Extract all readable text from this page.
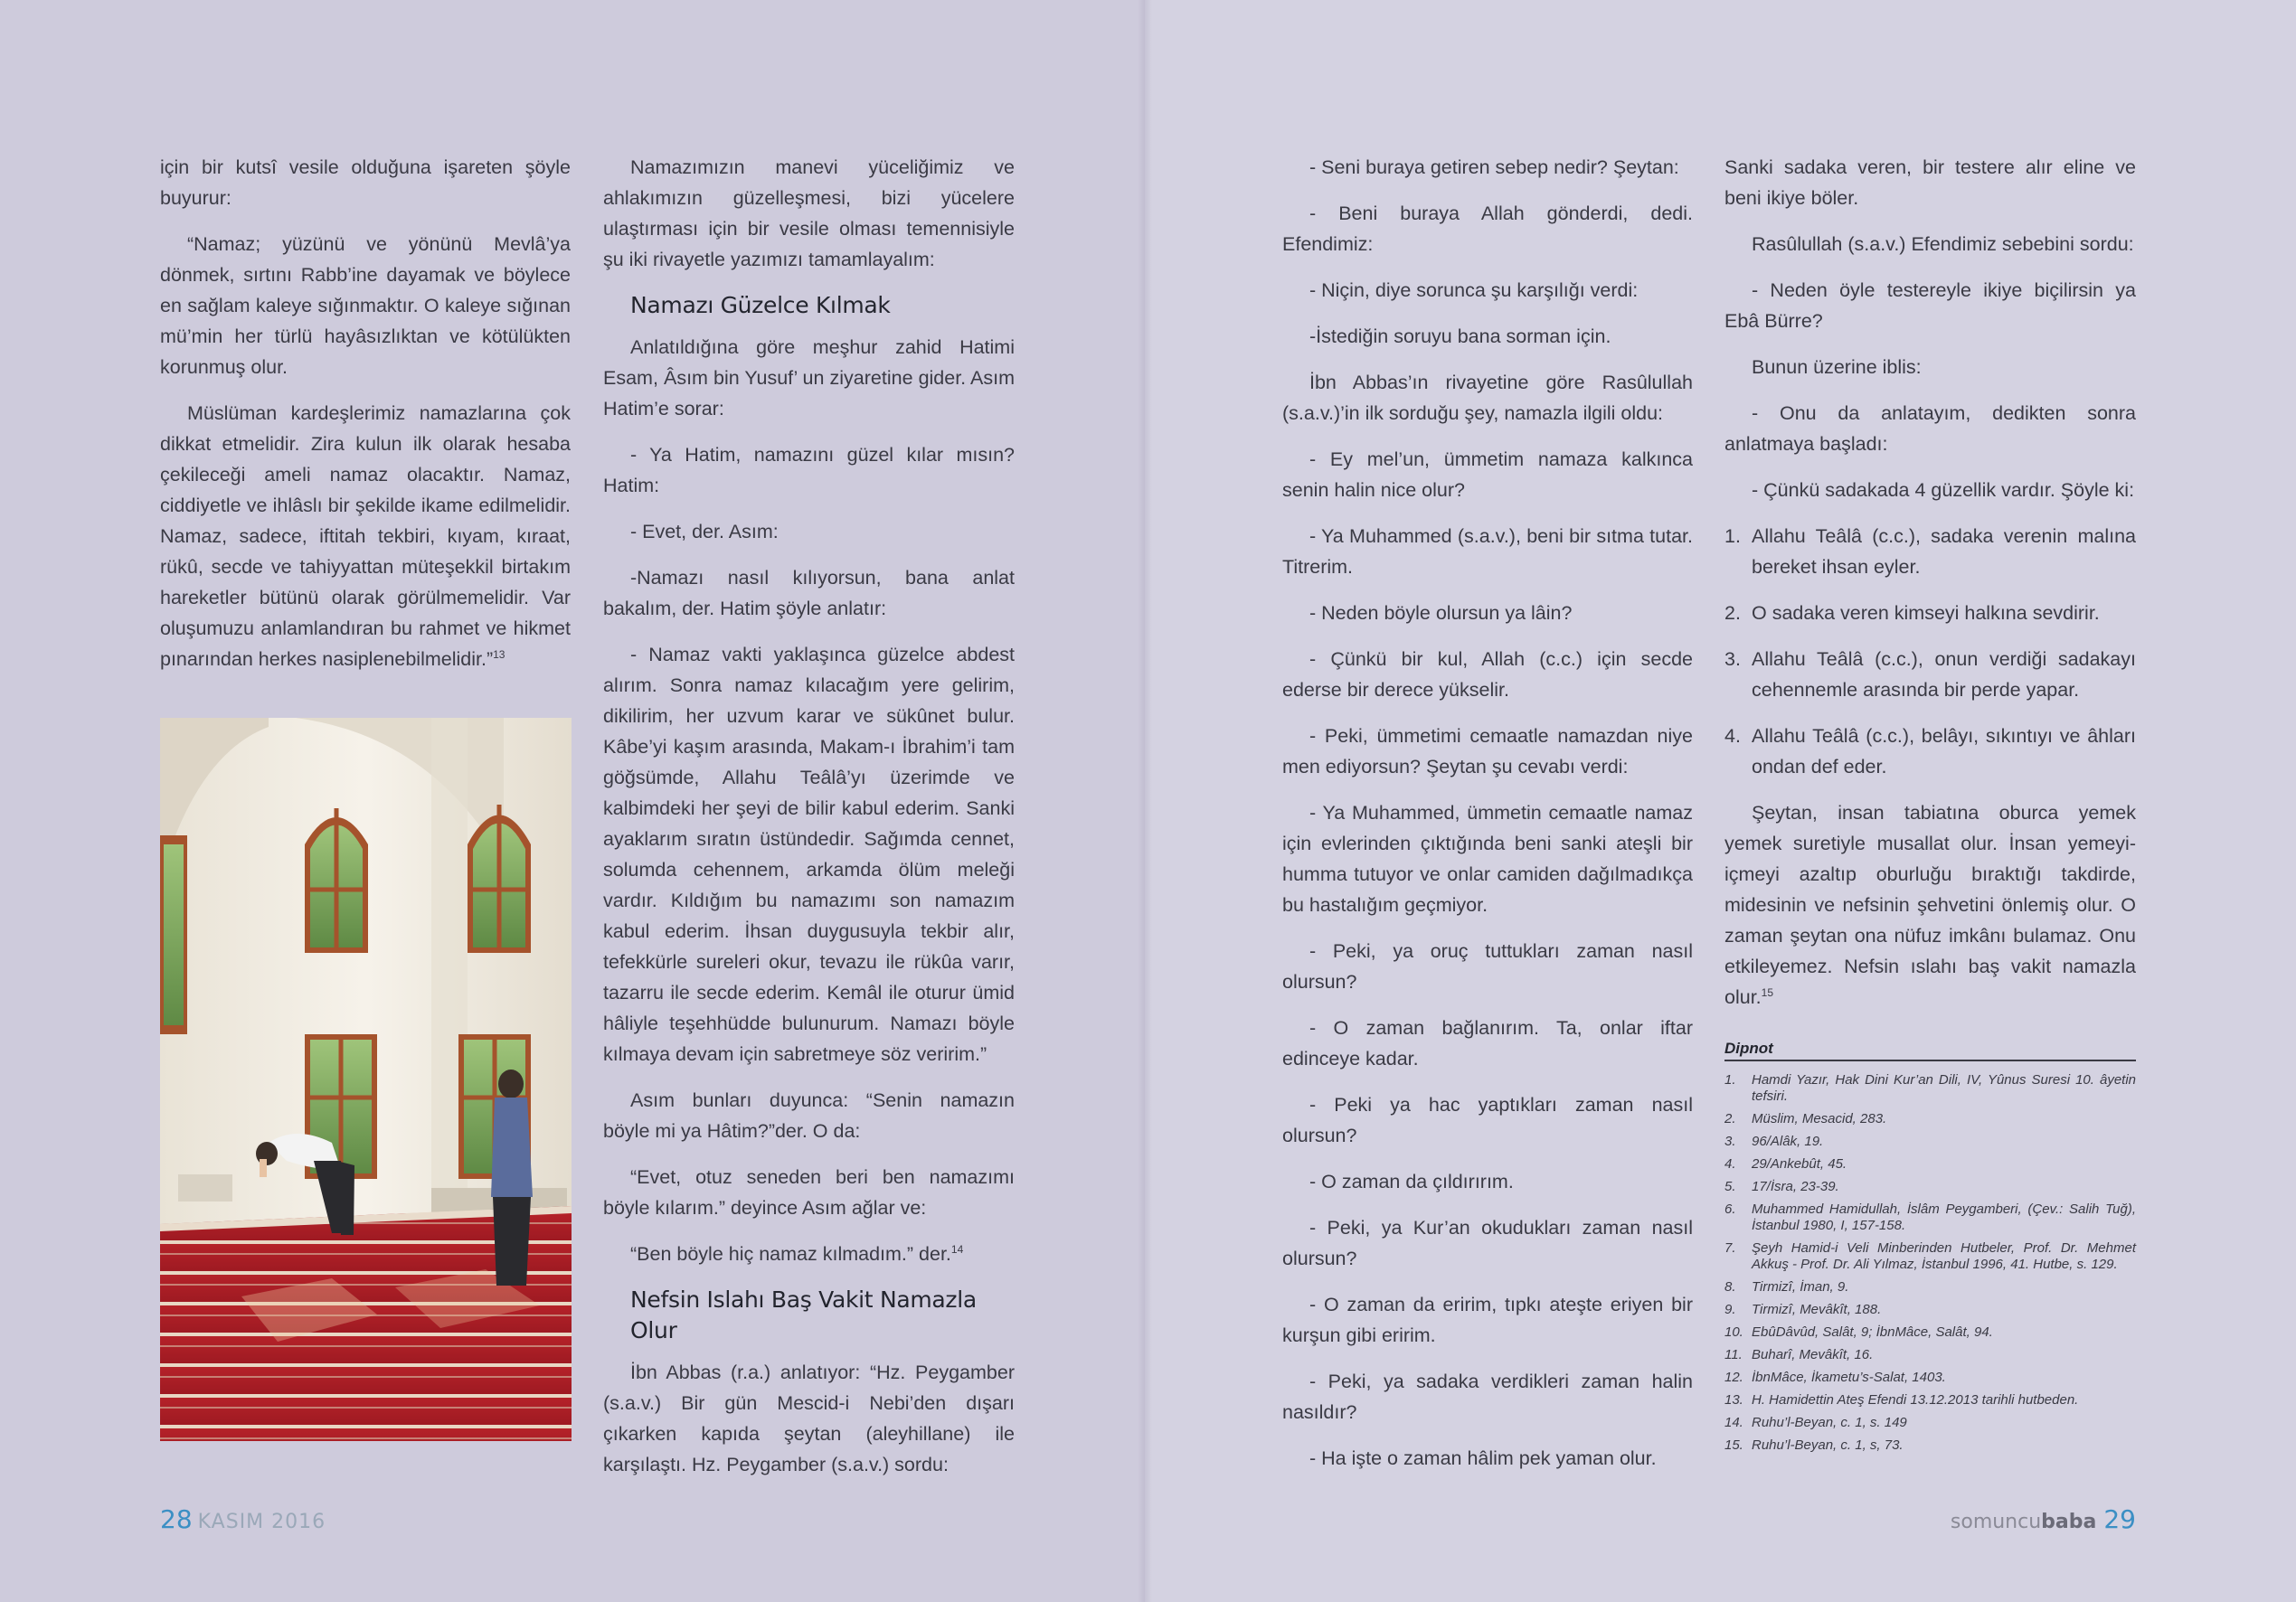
için bir kutsî vesile olduğuna işareten şöyle buyurur:

“Namaz; yüzünü ve yönünü Mevlâ’ya dönmek, sırtını Rabb’ine dayamak ve böylece en sağlam kaleye sığınmaktır. O kaleye sığınan mü’min her türlü hayâsızlıktan ve kötülükten korunmuş olur.

Müslüman kardeşlerimiz namazlarına çok dikkat etmelidir. Zira kulun ilk olarak hesaba çekileceği ameli namaz olacaktır. Namaz, ciddiyetle ve ihlâslı bir şekilde ikame edilmelidir. Namaz, sadece, iftitah tekbiri, kıyam, kıraat, rükû, secde ve tahiyyattan müteşekkil birtakım hareketler bütünü olarak görülmemelidir. Var oluşumuzu anlamlandıran bu rahmet ve hikmet pınarından herkes nasiplenebilmelidir.”$^{13}$

Namazımızın manevi yüceliğimiz ve ahlakımızın güzelleşmesi, bizi yücelere ulaştırması için bir vesile olması temennisiyle şu iki rivayetle yazımızı tamamlayalım:

Namazı Güzelce Kılmak

Anlatıldığına göre meşhur zahid Hatimi Esam, Âsım bin Yusuf’ un ziyaretine gider. Asım Hatim’e sorar:

- Ya Hatim, namazını güzel kılar mısın? Hatim:

- Evet, der. Asım:

-Namazı nasıl kılıyorsun, bana anlat bakalım, der. Hatim şöyle anlatır:

- Namaz vakti yaklaşınca güzelce abdest alırım. Sonra namaz kılacağım yere gelirim, dikilirim, her uzvum karar ve sükûnet bulur. Kâbe’yi kaşım arasında, Makam-ı İbrahim’i tam göğsümde, Allahu Teâlâ’yı üzerimde ve kalbimdeki her şeyi de bilir kabul ederim. Sanki ayaklarım sıratın üstündedir. Sağımda cennet, solumda cehennem, arkamda ölüm meleği vardır. Kıldığım bu namazımı son namazım kabul ederim. İhsan duygusuyla tekbir alır, tefekkürle sureleri okur, tevazu ile rükûa varır, tazarru ile secde ederim. Kemâl ile oturur ümid hâliyle teşehhüdde bulunurum. Namazı böyle kılmaya devam için sabretmeye söz veririm.”

Asım bunları duyunca: “Senin namazın böyle mi ya Hâtim?”der. O da:

“Evet, otuz seneden beri ben namazımı böyle kılarım.” deyince Asım ağlar ve:

“Ben böyle hiç namaz kılmadım.” der.$^{14}$

Nefsin Islahı Baş Vakit Namazla Olur

İbn Abbas (r.a.) anlatıyor: “Hz. Peygamber (s.a.v.) Bir gün Mescid-i Nebi’den dışarı çıkarken kapıda şeytan (aleyhillane) ile karşılaştı. Hz. Peygamber (s.a.v.) sordu:

- Seni buraya getiren sebep nedir? Şeytan:

- Beni buraya Allah gönderdi, dedi. Efendimiz:

- Niçin, diye sorunca şu karşılığı verdi:

-İstediğin soruyu bana sorman için.

İbn Abbas’ın rivayetine göre Rasûlullah (s.a.v.)’in ilk sorduğu şey, namazla ilgili oldu:

- Ey mel’un, ümmetim namaza kalkınca senin halin nice olur?

- Ya Muhammed (s.a.v.), beni bir sıtma tutar. Titrerim.

- Neden böyle olursun ya lâin?

- Çünkü bir kul, Allah (c.c.) için secde ederse bir derece yükselir.

- Peki, ümmetimi cemaatle namazdan niye men ediyorsun? Şeytan şu cevabı verdi:

- Ya Muhammed, ümmetin cemaatle namaz için evlerinden çıktığında beni sanki ateşli bir humma tutuyor ve onlar camiden dağılmadıkça bu hastalığım geçmiyor.

- Peki, ya oruç tuttukları zaman nasıl olursun?

- O zaman bağlanırım. Ta, onlar iftar edinceye kadar.

- Peki ya hac yaptıkları zaman nasıl olursun?

- O zaman da çıldırırım.

- Peki, ya Kur’an okudukları zaman nasıl olursun?

- O zaman da eririm, tıpkı ateşte eriyen bir kurşun gibi eririm.

- Peki, ya sadaka verdikleri zaman halin nasıldır?

- Ha işte o zaman hâlim pek yaman olur.

Sanki sadaka veren, bir testere alır eline ve beni ikiye böler.

Rasûlullah (s.a.v.) Efendimiz sebebini sordu:

- Neden öyle testereyle ikiye biçilirsin ya Ebâ Bürre?

Bunun üzerine iblis:

- Onu da anlatayım, dedikten sonra anlatmaya başladı:

- Çünkü sadakada 4 güzellik vardır. Şöyle ki:

1. Allahu Teâlâ (c.c.), sadaka verenin malına bereket ihsan eyler.
2. O sadaka veren kimseyi halkına sevdirir.
3. Allahu Teâlâ (c.c.), onun verdiği sadakayı cehennemle arasında bir perde yapar.
4. Allahu Teâlâ (c.c.), belâyı, sıkıntıyı ve âhları ondan def eder.

Şeytan, insan tabiatına oburca yemek yemek suretiyle musallat olur. İnsan yemeyi-içmeyi azaltıp oburluğu bıraktığı takdirde, midesinin ve nefsinin şehvetini önlemiş olur. O zaman şeytan ona nüfuz imkânı bulamaz. Onu etkileyemez. Nefsin ıslahı baş vakit namazla olur.$^{15}$

Dipnot
1. Hamdi Yazır, Hak Dini Kur’an Dili, IV, Yûnus Suresi 10. âyetin tefsiri.
2. Müslim, Mesacid, 283.
3. 96/Alâk, 19.
4. 29/Ankebût, 45.
5. 17/İsra, 23-39.
6. Muhammed Hamidullah, İslâm Peygamberi, (Çev.: Salih Tuğ), İstanbul 1980, I, 157-158.
7. Şeyh Hamid-i Veli Minberinden Hutbeler, Prof. Dr. Mehmet Akkuş - Prof. Dr. Ali Yılmaz, İstanbul 1996, 41. Hutbe, s. 129.
8. Tirmizî, İman, 9.
9. Tirmizî, Mevâkît, 188.
10. EbûDâvûd, Salât, 9; İbnMâce, Salât, 94.
11. Buharî, Mevâkît, 16.
12. İbnMâce, İkametu’s-Salat, 1403.
13. H. Hamidettin Ateş Efendi 13.12.2013 tarihli hutbeden.
14. Ruhu’l-Beyan, c. 1, s. 149
15. Ruhu’l-Beyan, c. 1, s, 73.
28 KASIM 2016	somuncubaba 29
